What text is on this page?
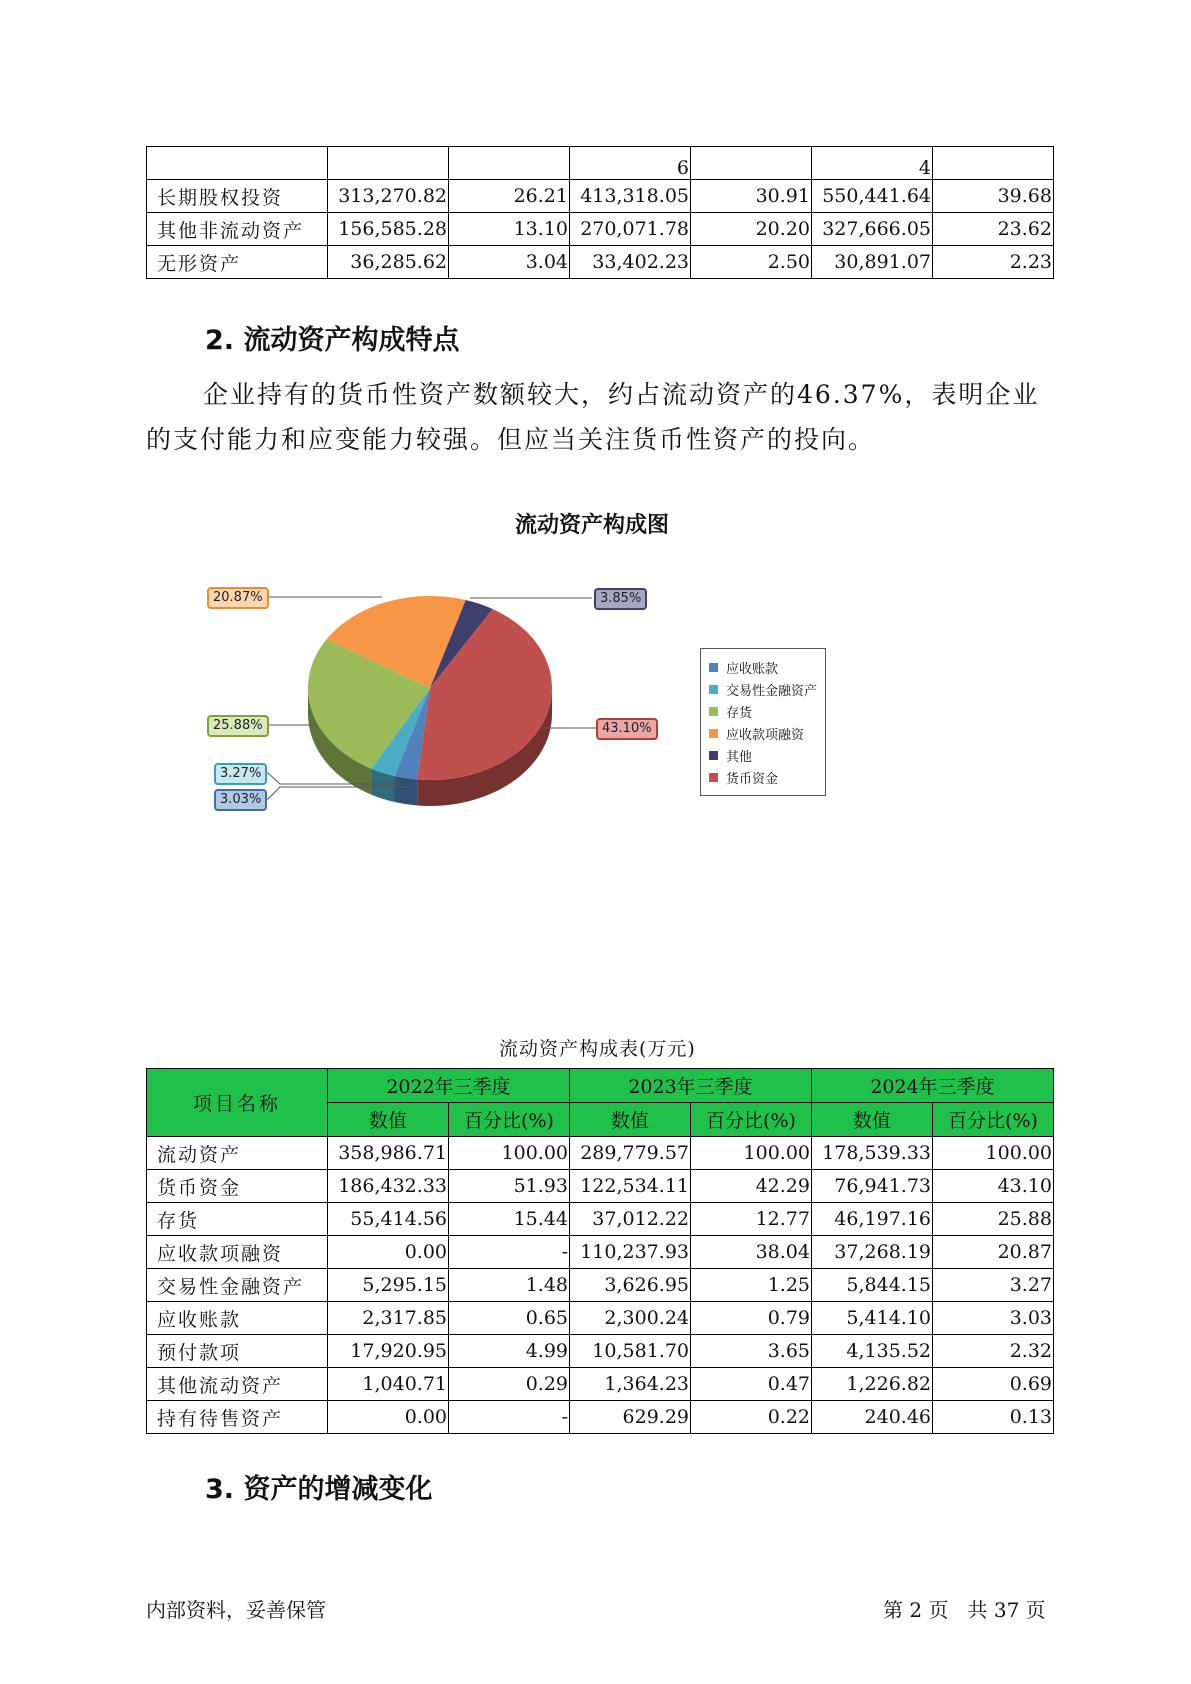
			6		4	
长期股权投资	313,270.82	26.21	413,318.05	30.91	550,441.64	39.68
其他非流动资产	156,585.28	13.10	270,071.78	20.20	327,666.05	23.62
无形资产	36,285.62	3.04	33,402.23	2.50	30,891.07	2.23
2. 流动资产构成特点
企业持有的货币性资产数额较大，约占流动资产的46.37%，表明企业
的支付能力和应变能力较强。但应当关注货币性资产的投向。
流动资产构成图
20.87%	3.85%
25.88%	43.10%
3.27%
3.03%
应收账款
交易性金融资产
存货
应收款项融资
其他
货币资金
流动资产构成表(万元)
项目名称	2022年三季度		2023年三季度		2024年三季度	
	数值	百分比(%)	数值	百分比(%)	数值	百分比(%)
流动资产	358,986.71	100.00	289,779.57	100.00	178,539.33	100.00
货币资金	186,432.33	51.93	122,534.11	42.29	76,941.73	43.10
存货	55,414.56	15.44	37,012.22	12.77	46,197.16	25.88
应收款项融资	0.00	-	110,237.93	38.04	37,268.19	20.87
交易性金融资产	5,295.15	1.48	3,626.95	1.25	5,844.15	3.27
应收账款	2,317.85	0.65	2,300.24	0.79	5,414.10	3.03
预付款项	17,920.95	4.99	10,581.70	3.65	4,135.52	2.32
其他流动资产	1,040.71	0.29	1,364.23	0.47	1,226.82	0.69
持有待售资产	0.00	-	629.29	0.22	240.46	0.13
3. 资产的增减变化
内部资料，妥善保管	第 2 页   共 37 页
